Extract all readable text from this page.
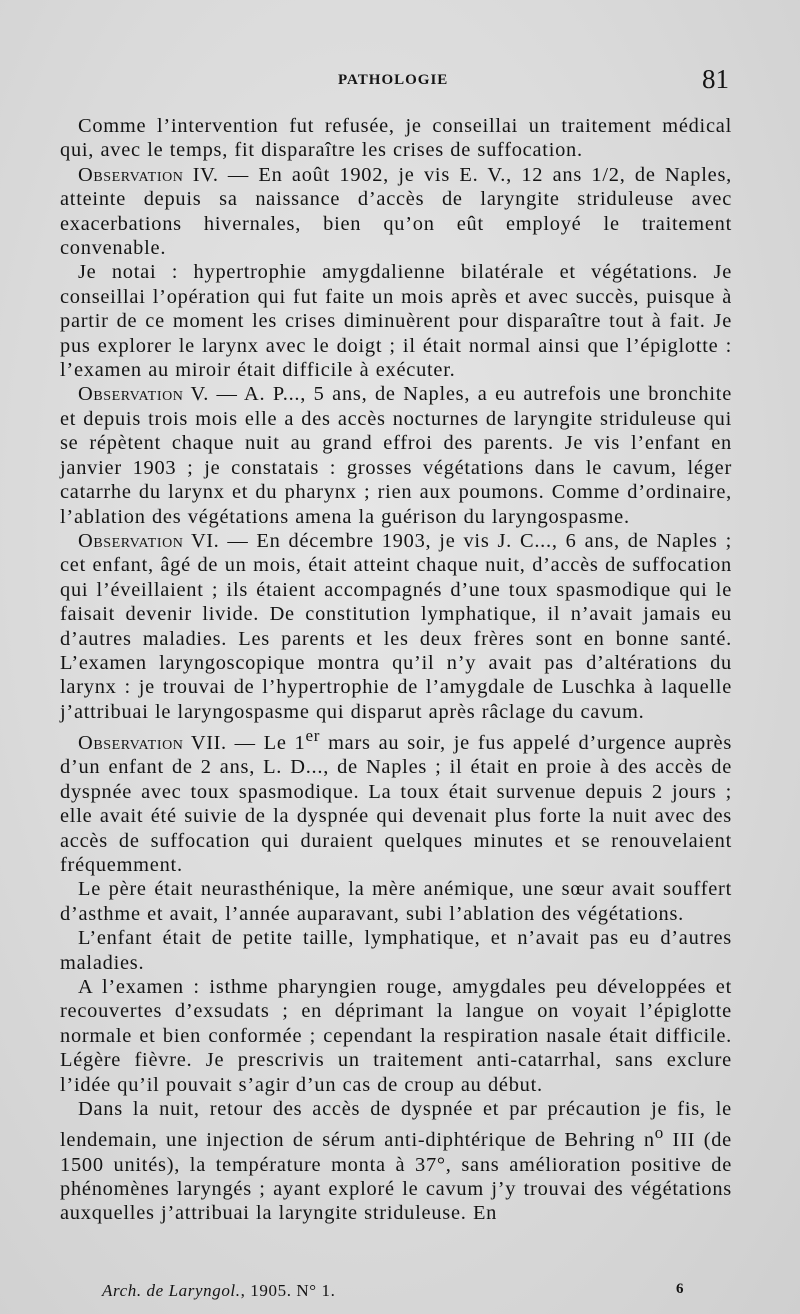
PATHOLOGIE	81

Comme l’intervention fut refusée, je conseillai un traitement médical qui, avec le temps, fit disparaître les crises de suffocation.

Observation IV. — En août 1902, je vis E. V., 12 ans 1/2, de Naples, atteinte depuis sa naissance d’accès de laryngite striduleuse avec exacerbations hivernales, bien qu’on eût employé le traitement convenable.

Je notai : hypertrophie amygdalienne bilatérale et végétations. Je conseillai l’opération qui fut faite un mois après et avec succès, puisque à partir de ce moment les crises diminuèrent pour disparaître tout à fait. Je pus explorer le larynx avec le doigt ; il était normal ainsi que l’épiglotte : l’examen au miroir était difficile à exécuter.

Observation V. — A. P..., 5 ans, de Naples, a eu autrefois une bronchite et depuis trois mois elle a des accès nocturnes de laryngite striduleuse qui se répètent chaque nuit au grand effroi des parents. Je vis l’enfant en janvier 1903 ; je constatais : grosses végétations dans le cavum, léger catarrhe du larynx et du pharynx ; rien aux poumons. Comme d’ordinaire, l’ablation des végétations amena la guérison du laryngospasme.

Observation VI. — En décembre 1903, je vis J. C..., 6 ans, de Naples ; cet enfant, âgé de un mois, était atteint chaque nuit, d’accès de suffocation qui l’éveillaient ; ils étaient accompagnés d’une toux spasmodique qui le faisait devenir livide. De constitution lymphatique, il n’avait jamais eu d’autres maladies. Les parents et les deux frères sont en bonne santé. L’examen laryngoscopique montra qu’il n’y avait pas d’altérations du larynx : je trouvai de l’hypertrophie de l’amygdale de Luschka à laquelle j’attribuai le laryngospasme qui disparut après râclage du cavum.

Observation VII. — Le 1er mars au soir, je fus appelé d’urgence auprès d’un enfant de 2 ans, L. D..., de Naples ; il était en proie à des accès de dyspnée avec toux spasmodique. La toux était survenue depuis 2 jours ; elle avait été suivie de la dyspnée qui devenait plus forte la nuit avec des accès de suffocation qui duraient quelques minutes et se renouvelaient fréquemment.

Le père était neurasthénique, la mère anémique, une sœur avait souffert d’asthme et avait, l’année auparavant, subi l’ablation des végétations.

L’enfant était de petite taille, lymphatique, et n’avait pas eu d’autres maladies.

A l’examen : isthme pharyngien rouge, amygdales peu développées et recouvertes d’exsudats ; en déprimant la langue on voyait l’épiglotte normale et bien conformée ; cependant la respiration nasale était difficile. Légère fièvre. Je prescrivis un traitement anti-catarrhal, sans exclure l’idée qu’il pouvait s’agir d’un cas de croup au début.

Dans la nuit, retour des accès de dyspnée et par précaution je fis, le lendemain, une injection de sérum anti-diphtérique de Behring $n^o$ III (de 1500 unités), la température monta à 37°, sans amélioration positive de phénomènes laryngés ; ayant exploré le cavum j’y trouvai des végétations auxquelles j’attribuai la laryngite striduleuse. En

Arch. de Laryngol., 1905. N° 1.	6
